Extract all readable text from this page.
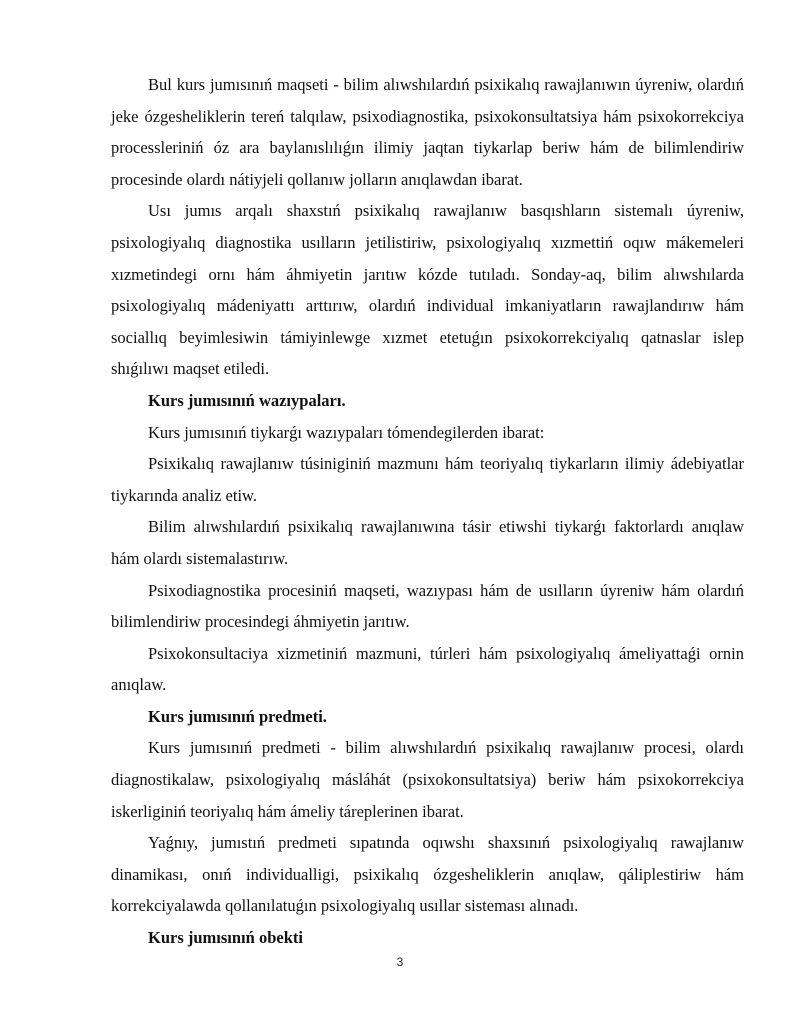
Bul kurs jumısınıń maqseti - bilim alıwshılardıń psixikalıq rawajlanıwın úyreniw, olardıń jeke ózgesheliklerin tereń talqılaw, psixodiagnostika, psixokonsultatsiya hám psixokorrekciya processleriniń óz ara baylanıslılıǵın ilimiy jaqtan tiykarlap beriw hám de bilimlendiriw procesinde olardı nátiyjeli qollanıw jolların anıqlawdan ibarat.

Usı jumıs arqalı shaxstıń psixikalıq rawajlanıw basqıshların sistemalı úyreniw, psixologiyalıq diagnostika usılların jetilistiriw, psixologiyalıq xızmettiń oqıw mákemeleri xızmetindegi ornı hám áhmiyetin jarıtıw kózde tutıladı. Sonday-aq, bilim alıwshılarda psixologiyalıq mádeniyattı arttırıw, olardıń individual imkaniyatların rawajlandırıw hám sociallıq beyimlesiwin támiyinlewge xızmet etetuǵın psixokorrekciyalıq qatnaslar islep shıǵılıwı maqset etiledi.

Kurs jumısınıń wazıypaları.

Kurs jumısınıń tiykarǵı wazıypaları tómendegilerden ibarat:

Psixikalıq rawajlanıw túsiniginiń mazmunı hám teoriyalıq tiykarların ilimiy ádebiyatlar tiykarında analiz etiw.

Bilim alıwshılardıń psixikalıq rawajlanıwına tásir etiwshi tiykarǵı faktorlardı anıqlaw hám olardı sistemalastırıw.

Psixodiagnostika procesiniń maqseti, wazıypası hám de usılların úyreniw hám olardıń bilimlendiriw procesindegi áhmiyetin jarıtıw.

Psixokonsultaciya xizmetiniń mazmuni, túrleri hám psixologiyalıq ámeliyattaǵi ornin anıqlaw.

Kurs jumısınıń predmeti.

Kurs jumısınıń predmeti - bilim alıwshılardıń psixikalıq rawajlanıw procesi, olardı diagnostikalaw, psixologiyalıq másláhát (psixokonsultatsiya) beriw hám psixokorrekciya iskerliginiń teoriyalıq hám ámeliy táreplerinen ibarat.

Yaǵnıy, jumıstıń predmeti sıpatında oqıwshı shaxsınıń psixologiyalıq rawajlanıw dinamikası, onıń individualligi, psixikalıq ózgesheliklerin anıqlaw, qáliplestiriw hám korrekciyalawda qollanılatuǵın psixologiyalıq usıllar sisteması alınadı.

Kurs jumısınıń obekti

3
